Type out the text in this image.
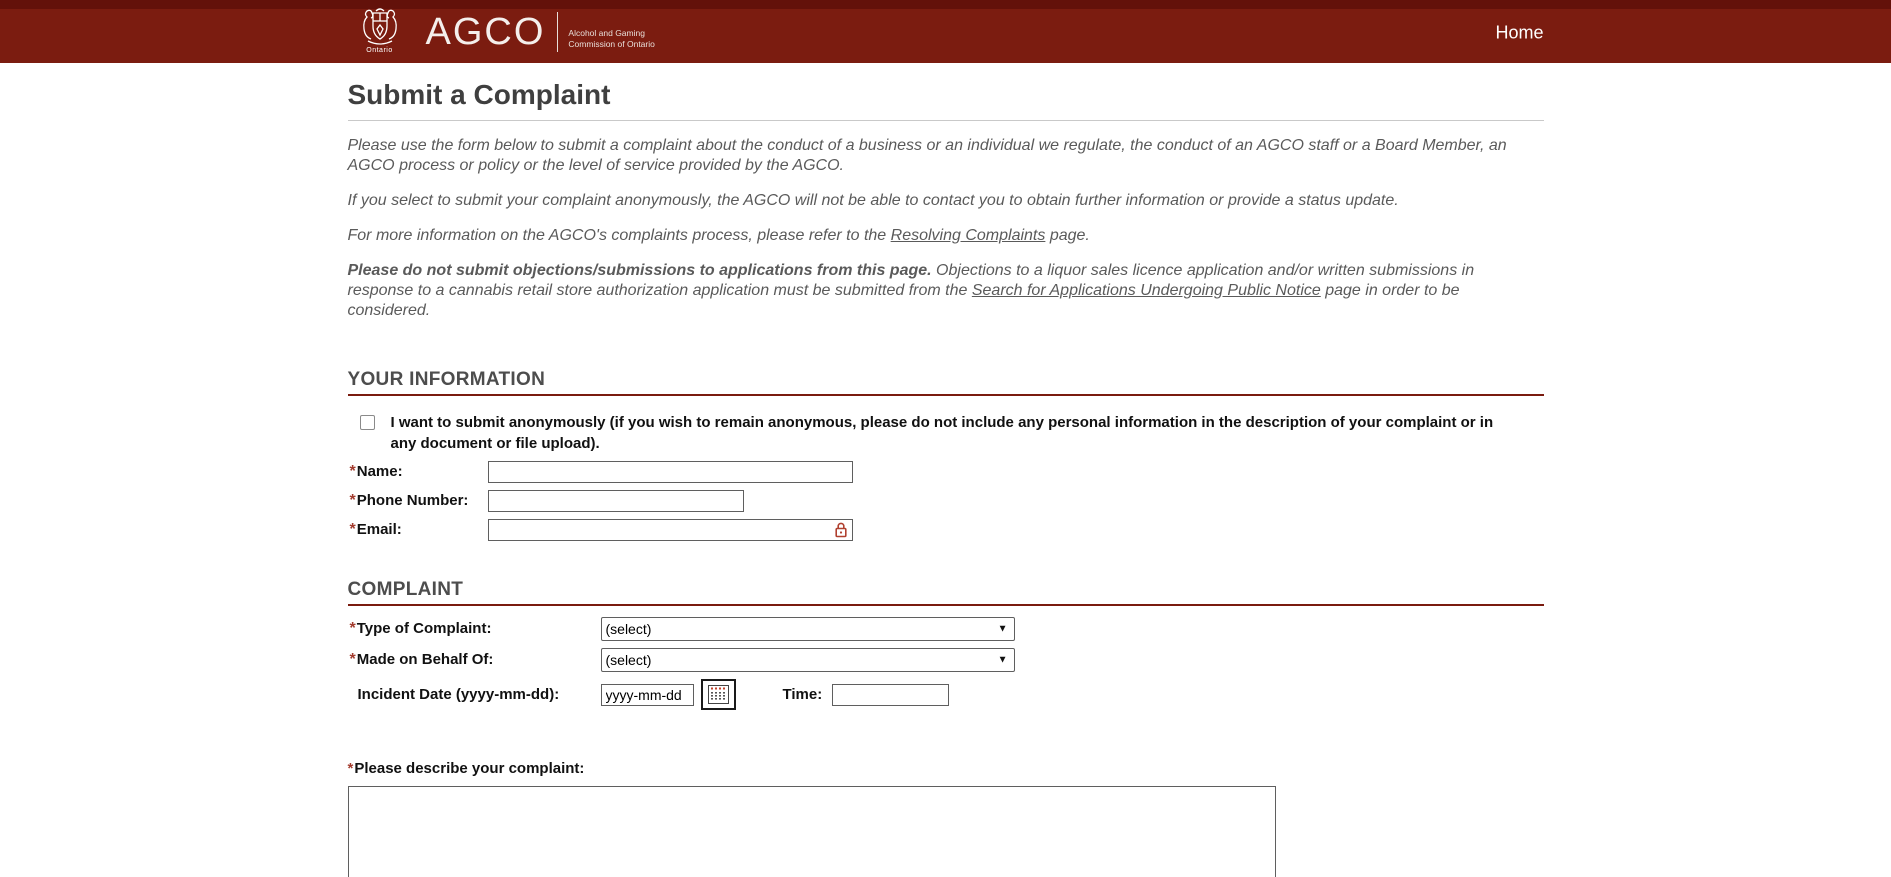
Ontario AGCO	Alcohol and Gaming
Commission of Ontario
Home
Submit a Complaint

Please use the form below to submit a complaint about the conduct of a business or an individual we regulate, the conduct of an AGCO staff or a Board Member, an AGCO process or policy or the level of service provided by the AGCO.

If you select to submit your complaint anonymously, the AGCO will not be able to contact you to obtain further information or provide a status update.

For more information on the AGCO's complaints process, please refer to the Resolving Complaints page.

Please do not submit objections/submissions to applications from this page. Objections to a liquor sales licence application and/or written submissions in response to a cannabis retail store authorization application must be submitted from the Search for Applications Undergoing Public Notice page in order to be considered.

YOUR INFORMATION
I want to submit anonymously (if you wish to remain anonymous, please do not include any personal information in the description of your complaint or in any document or file upload).
*Name:
*Phone Number:
*Email:
COMPLAINT
*Type of Complaint:
(select)	▼
*Made on Behalf Of:
(select)	▼
Incident Date (yyyy-mm-dd):
yyyy-mm-dd	Time:
*Please describe your complaint:
